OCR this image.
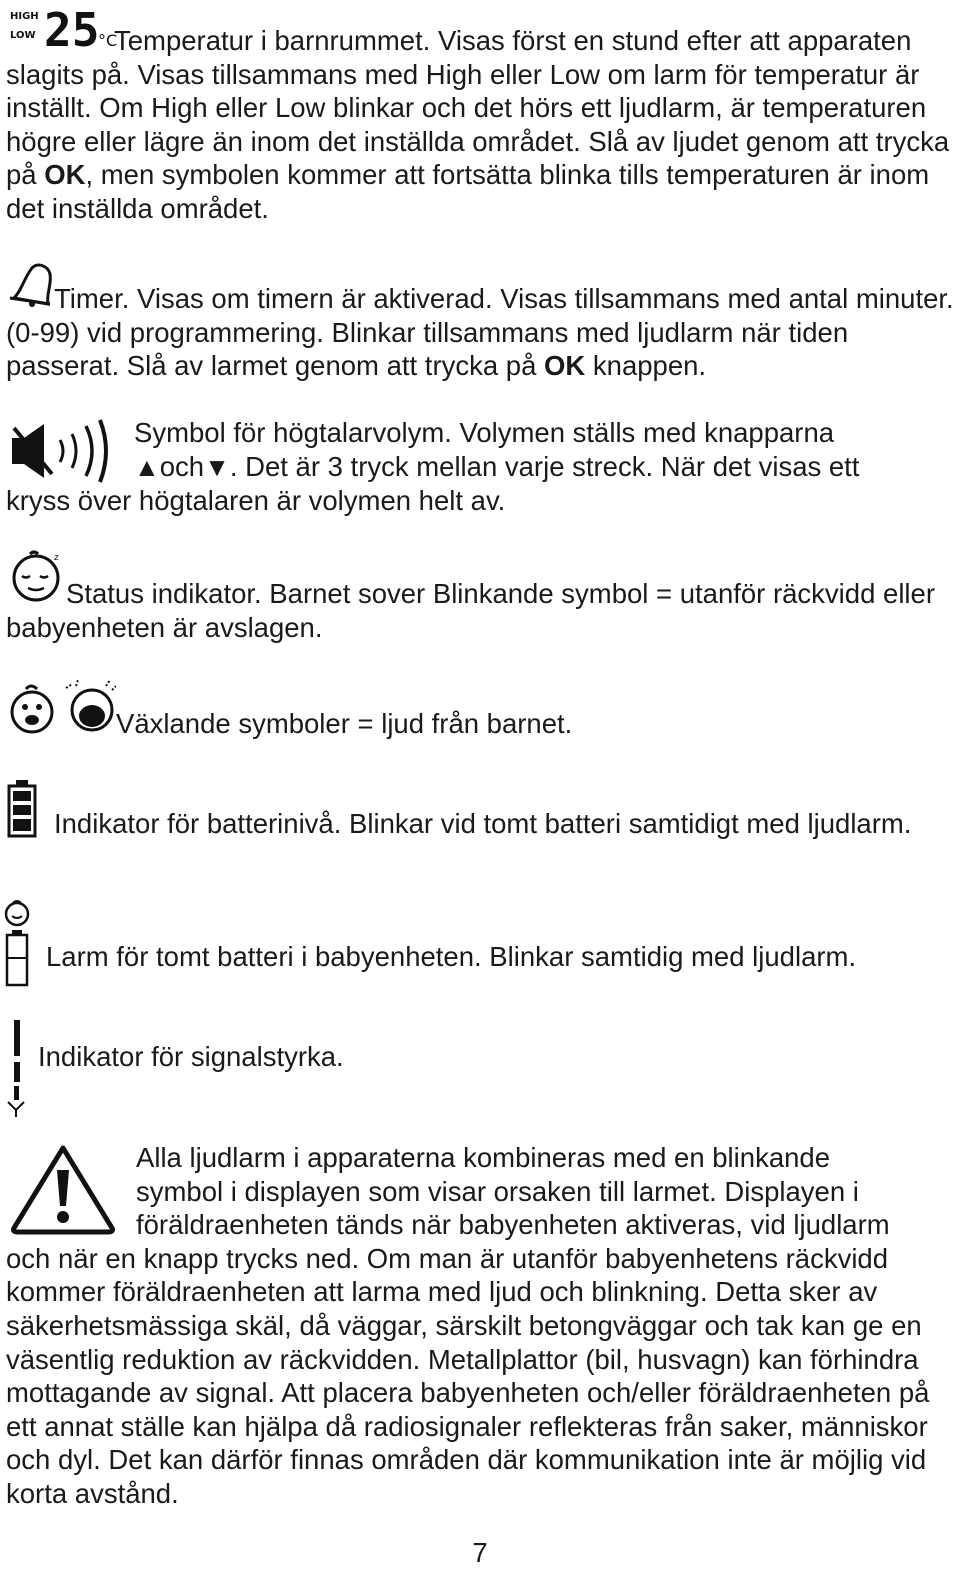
HIGH
LOW 25
°C

Temperatur i barnrummet. Visas först en stund efter att apparaten slagits på. Visas tillsammans med High eller Low om larm för temperatur är inställt. Om High eller Low blinkar och det hörs ett ljudlarm, är temperaturen högre eller lägre än inom det inställda området. Slå av ljudet genom att trycka på OK, men symbolen kommer att fortsätta blinka tills temperaturen är inom det inställda området.

Timer. Visas om timern är aktiverad. Visas tillsammans med antal minuter. (0-99) vid programmering. Blinkar tillsammans med ljudlarm när tiden passerat. Slå av larmet genom att trycka på OK knappen.

Symbol för högtalarvolym. Volymen ställs med knapparna

▲och▼. Det är 3 tryck mellan varje streck. När det visas ett

kryss över högtalaren är volymen helt av.

z

Status indikator. Barnet sover Blinkande symbol = utanför räckvidd eller babyenheten är avslagen.

Växlande symboler = ljud från barnet.

Indikator för batterinivå. Blinkar vid tomt batteri samtidigt med ljudlarm.

Larm för tomt batteri i babyenheten. Blinkar samtidig med ljudlarm.

Indikator för signalstyrka.

Alla ljudlarm i apparaterna kombineras med en blinkande

symbol i displayen som visar orsaken till larmet. Displayen i

föräldraenheten tänds när babyenheten aktiveras, vid ljudlarm

och när en knapp trycks ned. Om man är utanför babyenhetens räckvidd kommer föräldraenheten att larma med ljud och blinkning. Detta sker av säkerhetsmässiga skäl, då väggar, särskilt betongväggar och tak kan ge en väsentlig reduktion av räckvidden. Metallplattor (bil, husvagn) kan förhindra mottagande av signal. Att placera babyenheten och/eller föräldraenheten på ett annat ställe kan hjälpa då radiosignaler reflekteras från saker, människor och dyl. Det kan därför finnas områden där kommunikation inte är möjlig vid korta avstånd.

7
